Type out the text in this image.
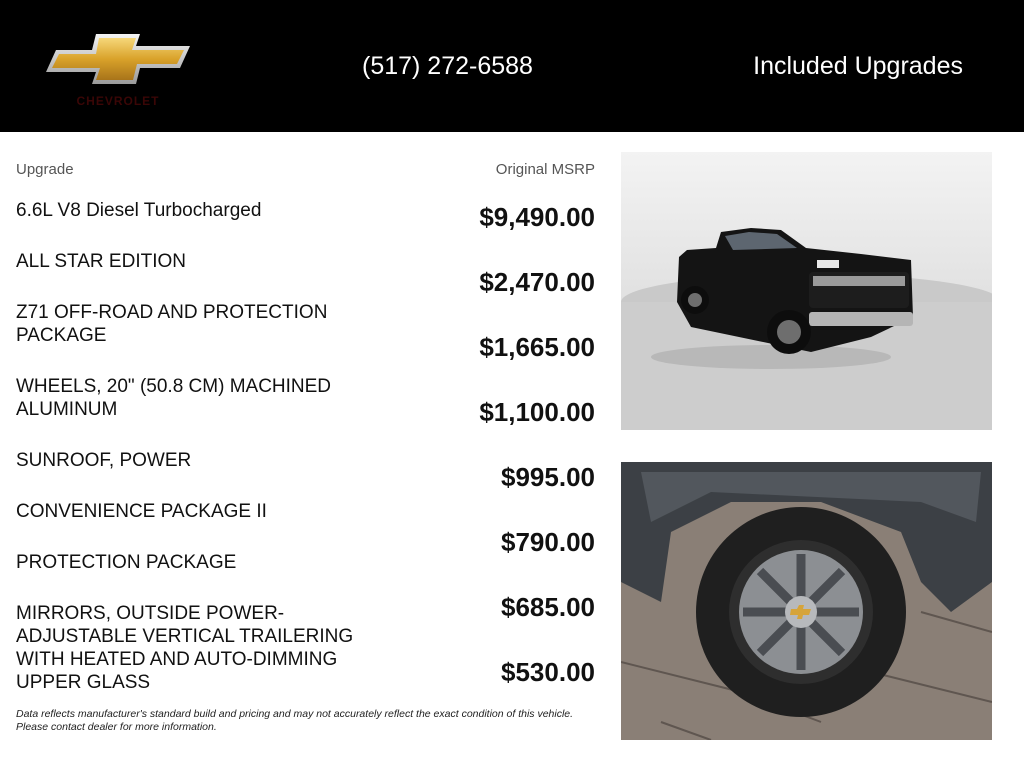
CHEVROLET
(517) 272-6588	Included Upgrades
Upgrade	Original MSRP
6.6L V8 Diesel Turbocharged
ALL STAR EDITION
Z71 OFF-ROAD AND PROTECTION PACKAGE
WHEELS, 20" (50.8 CM) MACHINED ALUMINUM
SUNROOF, POWER
CONVENIENCE PACKAGE II
PROTECTION PACKAGE
MIRRORS, OUTSIDE POWER-ADJUSTABLE VERTICAL TRAILERING WITH HEATED AND AUTO-DIMMING UPPER GLASS
$9,490.00
$2,470.00
$1,665.00
$1,100.00
$995.00
$790.00
$685.00
$530.00
Data reflects manufacturer's standard build and pricing and may not accurately reflect the exact condition of this vehicle.
Please contact dealer for more information.
